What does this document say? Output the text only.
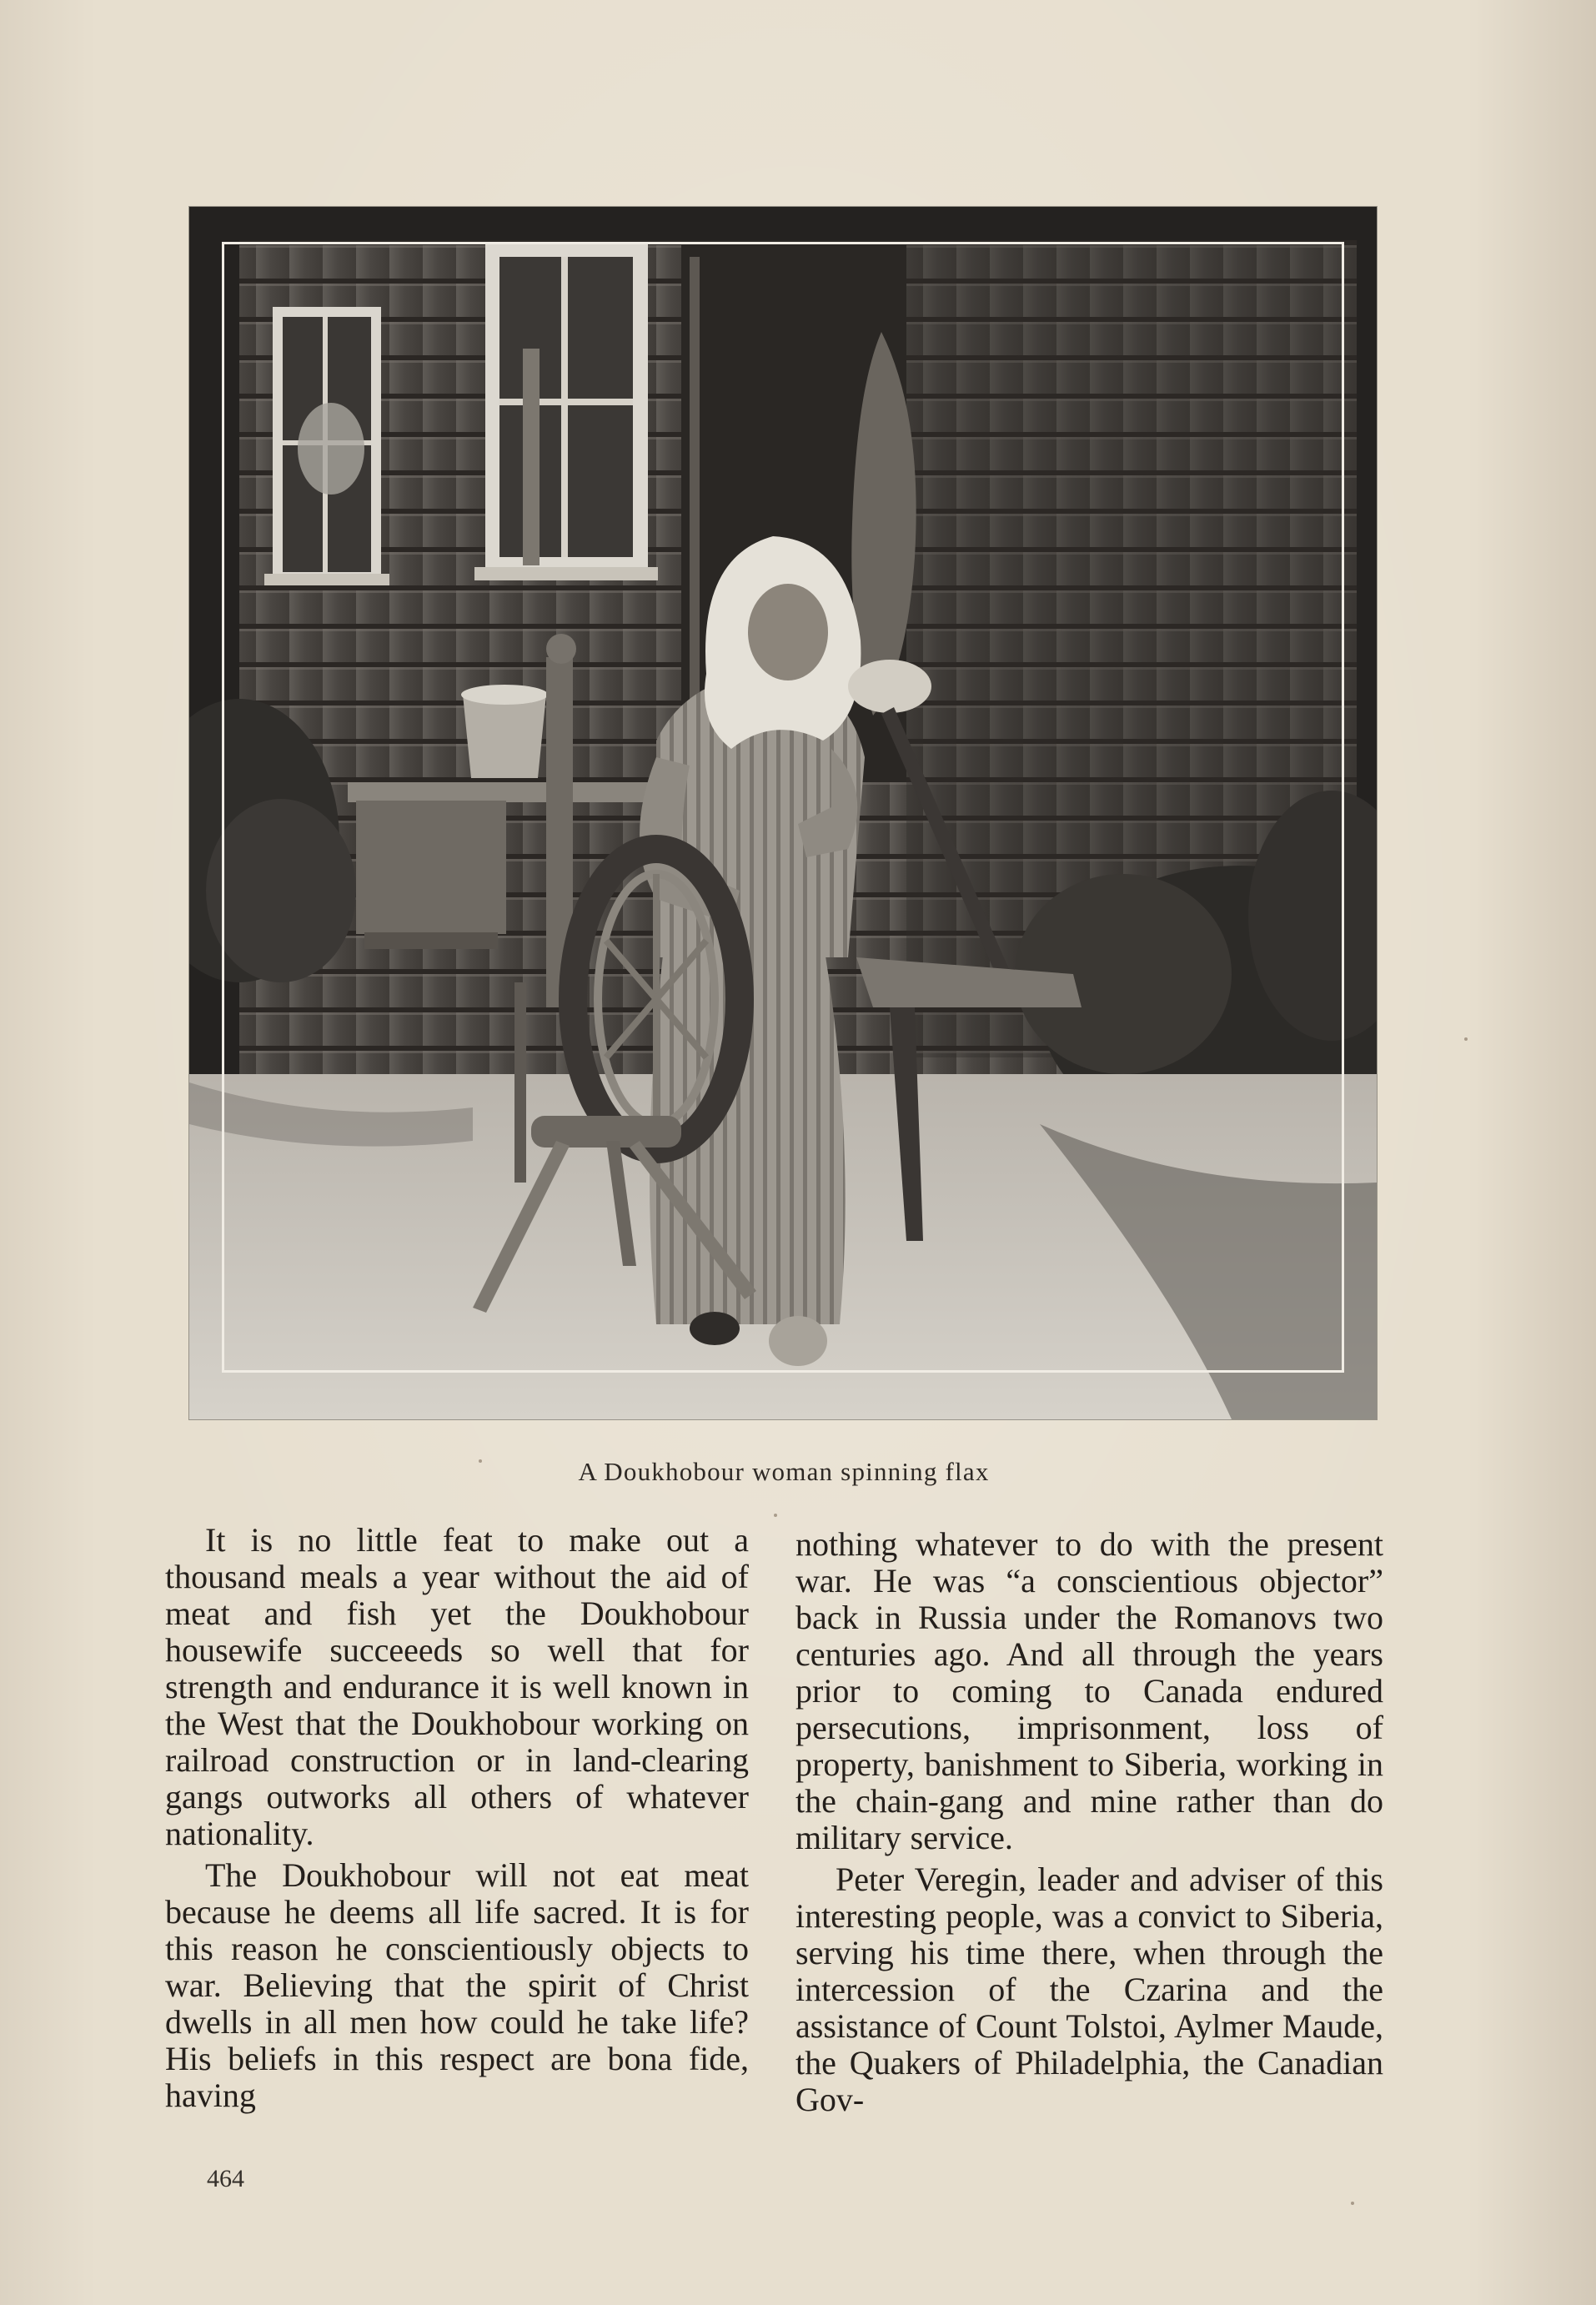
A Doukhobour woman spinning flax

It is no little feat to make out a thousand meals a year without the aid of meat and fish yet the Doukhobour housewife succeeeds so well that for strength and endurance it is well known in the West that the Doukhobour working on railroad construction or in land-clearing gangs outworks all others of whatever nationality.

The Doukhobour will not eat meat because he deems all life sacred. It is for this reason he conscientiously objects to war. Believing that the spirit of Christ dwells in all men how could he take life? His beliefs in this respect are bona fide, having

nothing whatever to do with the present war. He was “a conscientious objector” back in Russia under the Romanovs two centuries ago. And all through the years prior to coming to Canada endured persecutions, imprisonment, loss of property, banishment to Siberia, working in the chain-gang and mine rather than do military service.

Peter Veregin, leader and adviser of this interesting people, was a convict to Siberia, serving his time there, when through the intercession of the Czarina and the assistance of Count Tolstoi, Aylmer Maude, the Quakers of Philadelphia, the Canadian Gov-

464
